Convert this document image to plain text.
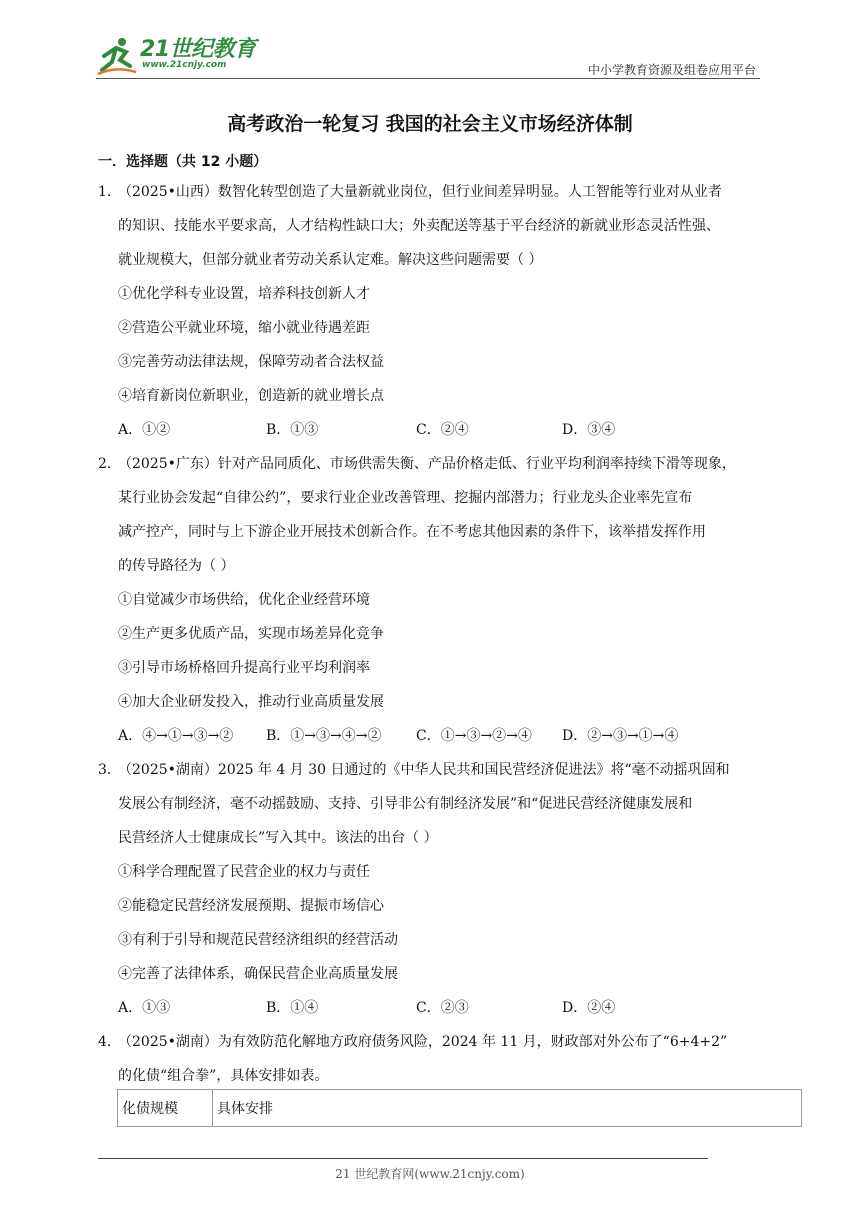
21世纪教育
www.21cnjy.com	中小学教育资源及组卷应用平台
高考政治一轮复习 我国的社会主义市场经济体制
一．选择题（共 12 小题）
1．（2025•山西）数智化转型创造了大量新就业岗位，但行业间差异明显。人工智能等行业对从业者
的知识、技能水平要求高，人才结构性缺口大；外卖配送等基于平台经济的新就业形态灵活性强、
就业规模大，但部分就业者劳动关系认定难。解决这些问题需要（ ）
①优化学科专业设置，培养科技创新人才
②营造公平就业环境，缩小就业待遇差距
③完善劳动法律法规，保障劳动者合法权益
④培育新岗位新职业，创造新的就业增长点
A．①②	B．①③	C．②④	D．③④
2．（2025•广东）针对产品同质化、市场供需失衡、产品价格走低、行业平均利润率持续下滑等现象，
某行业协会发起“自律公约”，要求行业企业改善管理、挖掘内部潜力；行业龙头企业率先宣布
减产控产，同时与上下游企业开展技术创新合作。在不考虑其他因素的条件下，该举措发挥作用
的传导路径为（ ）
①自觉减少市场供给，优化企业经营环境
②生产更多优质产品，实现市场差异化竞争
③引导市场桥格回升提高行业平均利润率
④加大企业研发投入，推动行业高质量发展
A．④→①→③→② B．①→③→④→② C．①→③→②→④ D．②→③→①→④
3．（2025•湖南）2025 年 4 月 30 日通过的《中华人民共和国民营经济促进法》将“毫不动摇巩固和
发展公有制经济，毫不动摇鼓励、支持、引导非公有制经济发展”和“促进民营经济健康发展和
民营经济人士健康成长”写入其中。该法的出台（ ）
①科学合理配置了民营企业的权力与责任
②能稳定民营经济发展预期、提振市场信心
③有利于引导和规范民营经济组织的经营活动
④完善了法律体系，确保民营企业高质量发展
A．①③	B．①④	C．②③	D．②④
4．（2025•湖南）为有效防范化解地方政府债务风险，2024 年 11 月，财政部对外公布了“6+4+2”
的化债“组合拳”，具体安排如表。
化债规模	具体安排
21 世纪教育网(www.21cnjy.com)
